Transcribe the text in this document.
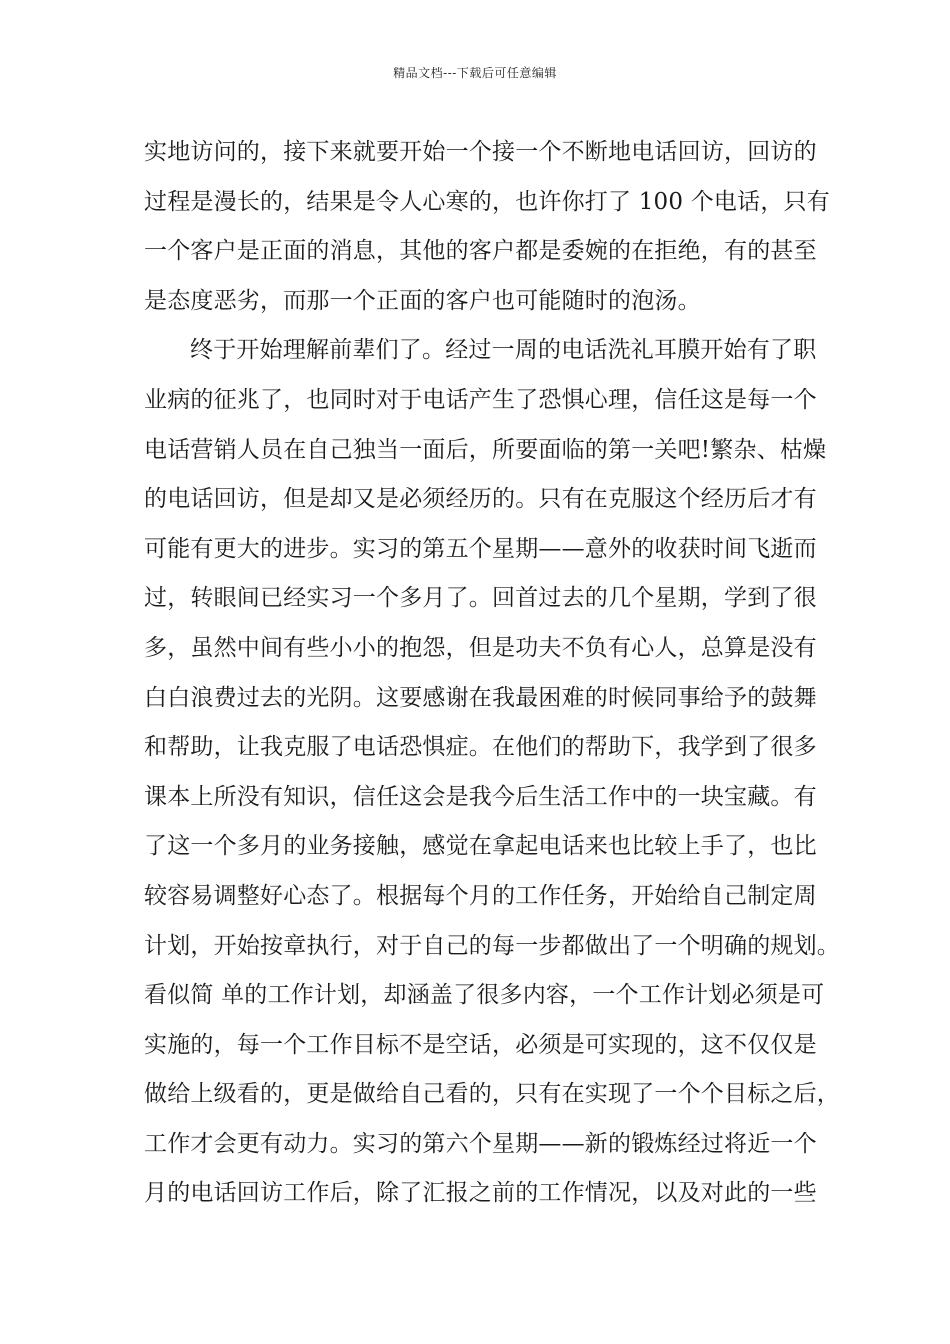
精品文档---下载后可任意编辑
实地访问的，接下来就要开始一个接一个不断地电话回访，回访的
过程是漫长的，结果是令人心寒的，也许你打了 100 个电话，只有
一个客户是正面的消息，其他的客户都是委婉的在拒绝，有的甚至
是态度恶劣，而那一个正面的客户也可能随时的泡汤。
终于开始理解前辈们了。经过一周的电话洗礼耳膜开始有了职
业病的征兆了，也同时对于电话产生了恐惧心理，信任这是每一个
电话营销人员在自己独当一面后，所要面临的第一关吧!繁杂、枯燥
的电话回访，但是却又是必须经历的。只有在克服这个经历后才有
可能有更大的进步。实习的第五个星期——意外的收获时间飞逝而
过，转眼间已经实习一个多月了。回首过去的几个星期，学到了很
多，虽然中间有些小小的抱怨，但是功夫不负有心人，总算是没有
白白浪费过去的光阴。这要感谢在我最困难的时候同事给予的鼓舞
和帮助，让我克服了电话恐惧症。在他们的帮助下，我学到了很多
课本上所没有知识，信任这会是我今后生活工作中的一块宝藏。有
了这一个多月的业务接触，感觉在拿起电话来也比较上手了，也比
较容易调整好心态了。根据每个月的工作任务，开始给自己制定周
计划，开始按章执行，对于自己的每一步都做出了一个明确的规划。
看似简 单的工作计划，却涵盖了很多内容，一个工作计划必须是可
实施的，每一个工作目标不是空话，必须是可实现的，这不仅仅是
做给上级看的，更是做给自己看的，只有在实现了一个个目标之后，
工作才会更有动力。实习的第六个星期——新的锻炼经过将近一个
月的电话回访工作后，除了汇报之前的工作情况，以及对此的一些
